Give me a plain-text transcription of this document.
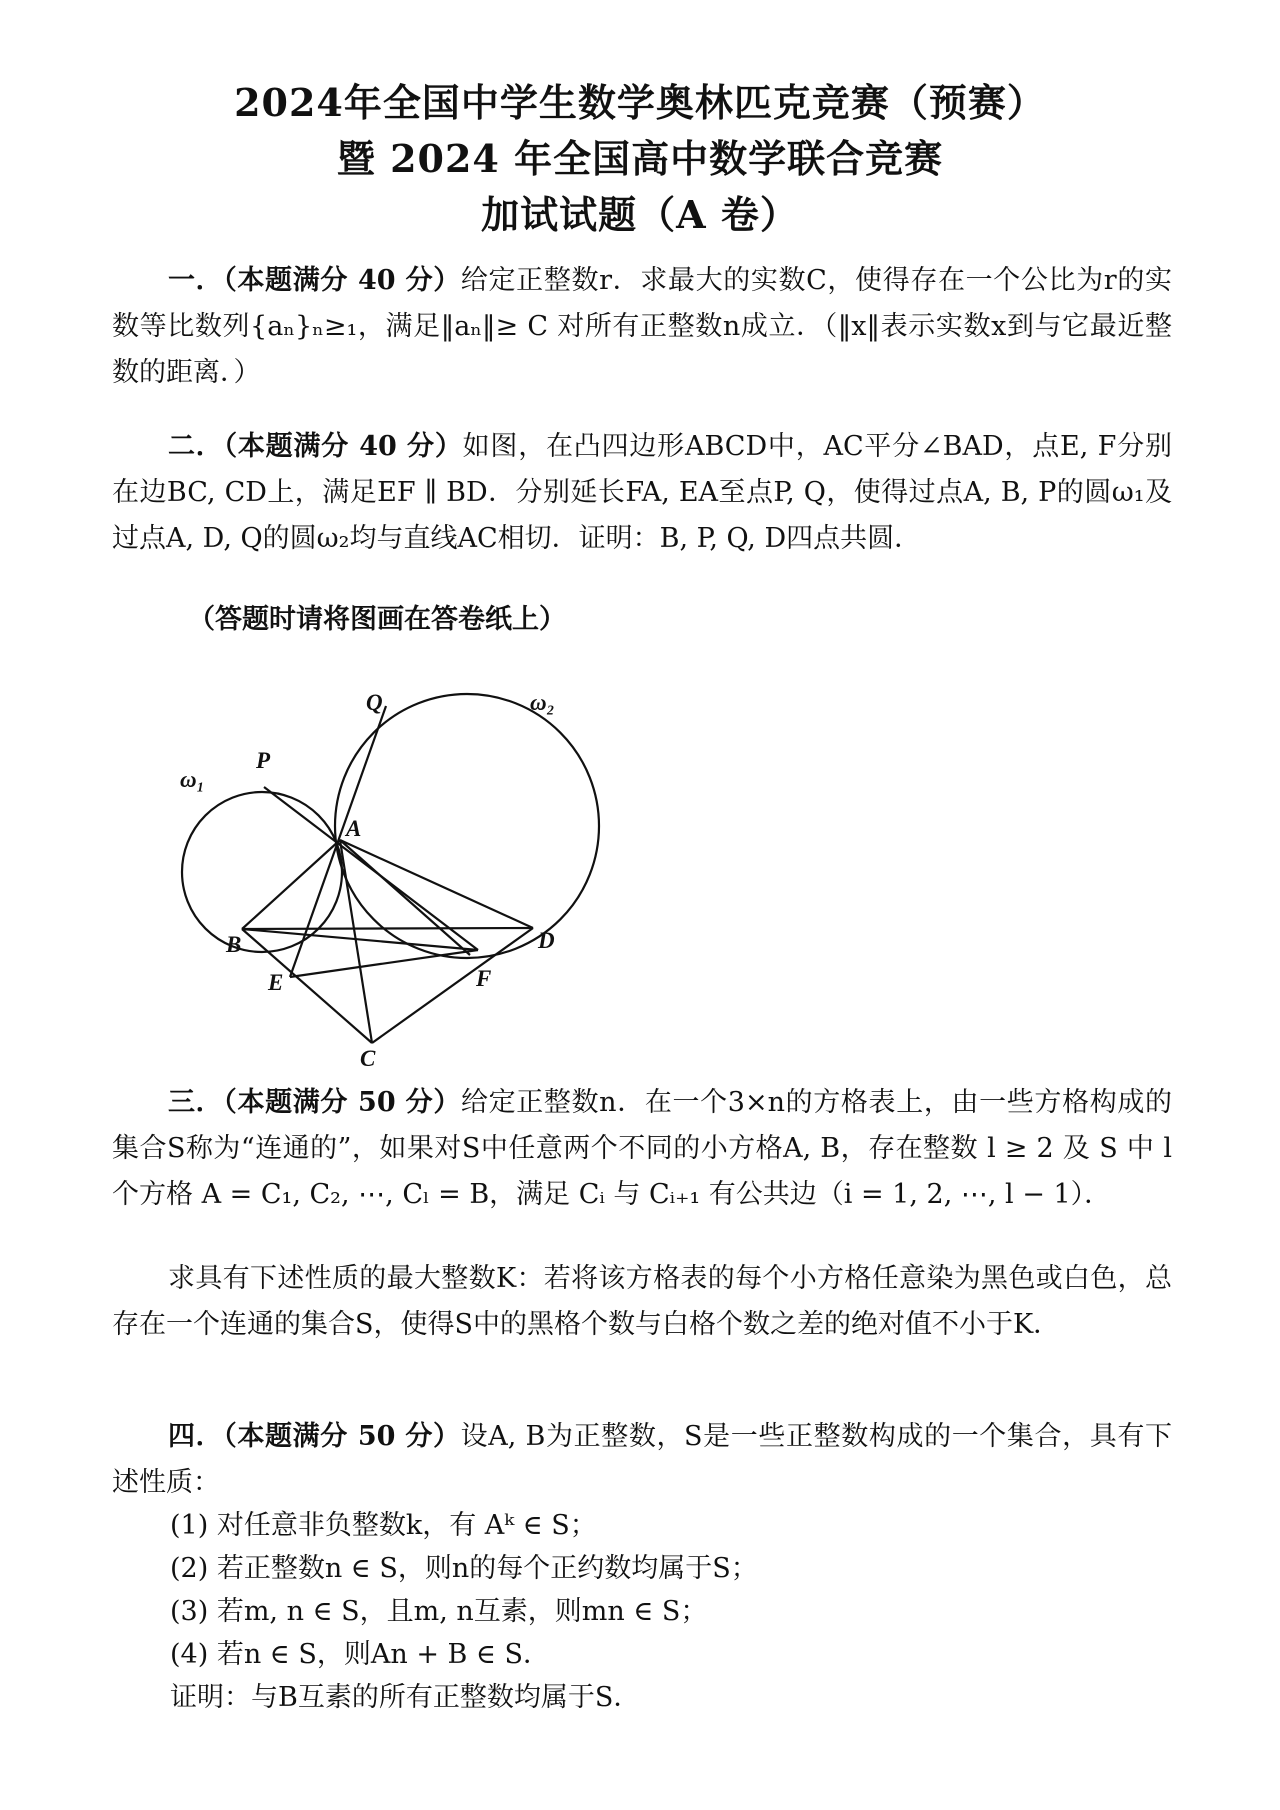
2024年全国中学生数学奥林匹克竞赛（预赛）
暨 2024 年全国高中数学联合竞赛
加试试题（A 卷）
一．（本题满分 40 分）给定正整数r．求最大的实数C，使得存在一个公比为r的实数等比数列{aₙ}ₙ≥₁，满足‖aₙ‖≥ C 对所有正整数n成立．（‖x‖表示实数x到与它最近整数的距离．）
二．（本题满分 40 分）如图，在凸四边形ABCD中，AC平分∠BAD，点E, F分别在边BC, CD上，满足EF ∥ BD．分别延长FA, EA至点P, Q，使得过点A, B, P的圆ω₁及过点A, D, Q的圆ω₂均与直线AC相切．证明：B, P, Q, D四点共圆．
（答题时请将图画在答卷纸上）
Q
P
ω₁
ω₂
A
B	D
E	F
C
三．（本题满分 50 分）给定正整数n．在一个3×n的方格表上，由一些方格构成的集合S称为“连通的”，如果对S中任意两个不同的小方格A, B，存在整数 l ≥ 2 及 S 中 l 个方格 A = C₁, C₂, ⋯, Cₗ = B，满足 Cᵢ 与 Cᵢ₊₁ 有公共边（i = 1, 2, ⋯, l − 1）．
求具有下述性质的最大整数K：若将该方格表的每个小方格任意染为黑色或白色，总存在一个连通的集合S，使得S中的黑格个数与白格个数之差的绝对值不小于K．
四．（本题满分 50 分）设A, B为正整数，S是一些正整数构成的一个集合，具有下述性质：
(1) 对任意非负整数k，有 Aᵏ ∈ S；
(2) 若正整数n ∈ S，则n的每个正约数均属于S；
(3) 若m, n ∈ S，且m, n互素，则mn ∈ S；
(4) 若n ∈ S，则An + B ∈ S．
证明：与B互素的所有正整数均属于S．
